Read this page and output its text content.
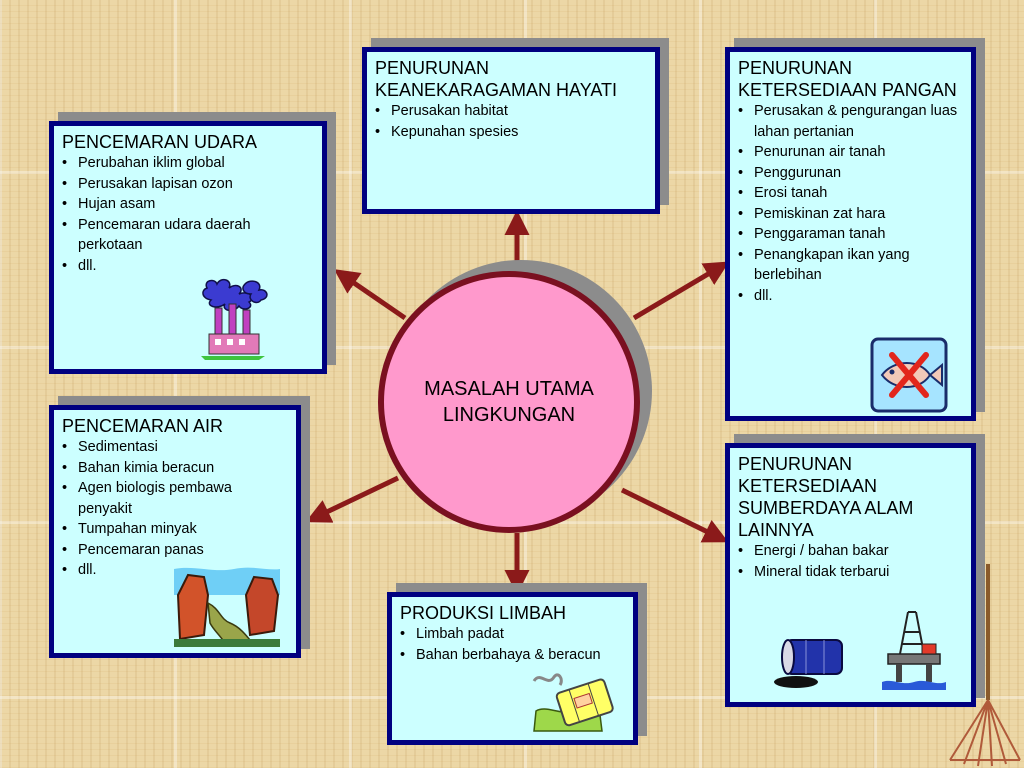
PENCEMARAN UDARA
• Perubahan iklim global
• Perusakan lapisan ozon
• Hujan asam
• Pencemaran udara daerah perkotaan
• dll.
PENURUNAN KEANEKARAGAMAN HAYATI
• Perusakan habitat
• Kepunahan spesies
PENURUNAN KETERSEDIAAN PANGAN
• Perusakan & pengurangan luas lahan pertanian
• Penurunan air tanah
• Penggurunan
• Erosi tanah
• Pemiskinan zat hara
• Penggaraman tanah
• Penangkapan ikan yang berlebihan
• dll.
PENCEMARAN AIR
• Sedimentasi
• Bahan kimia beracun
• Agen biologis pembawa penyakit
• Tumpahan minyak
• Pencemaran panas
• dll.
PRODUKSI LIMBAH
• Limbah padat
• Bahan berbahaya & beracun
PENURUNAN KETERSEDIAAN SUMBERDAYA ALAM LAINNYA
• Energi / bahan bakar
• Mineral tidak terbarui
MASALAH UTAMA LINGKUNGAN
